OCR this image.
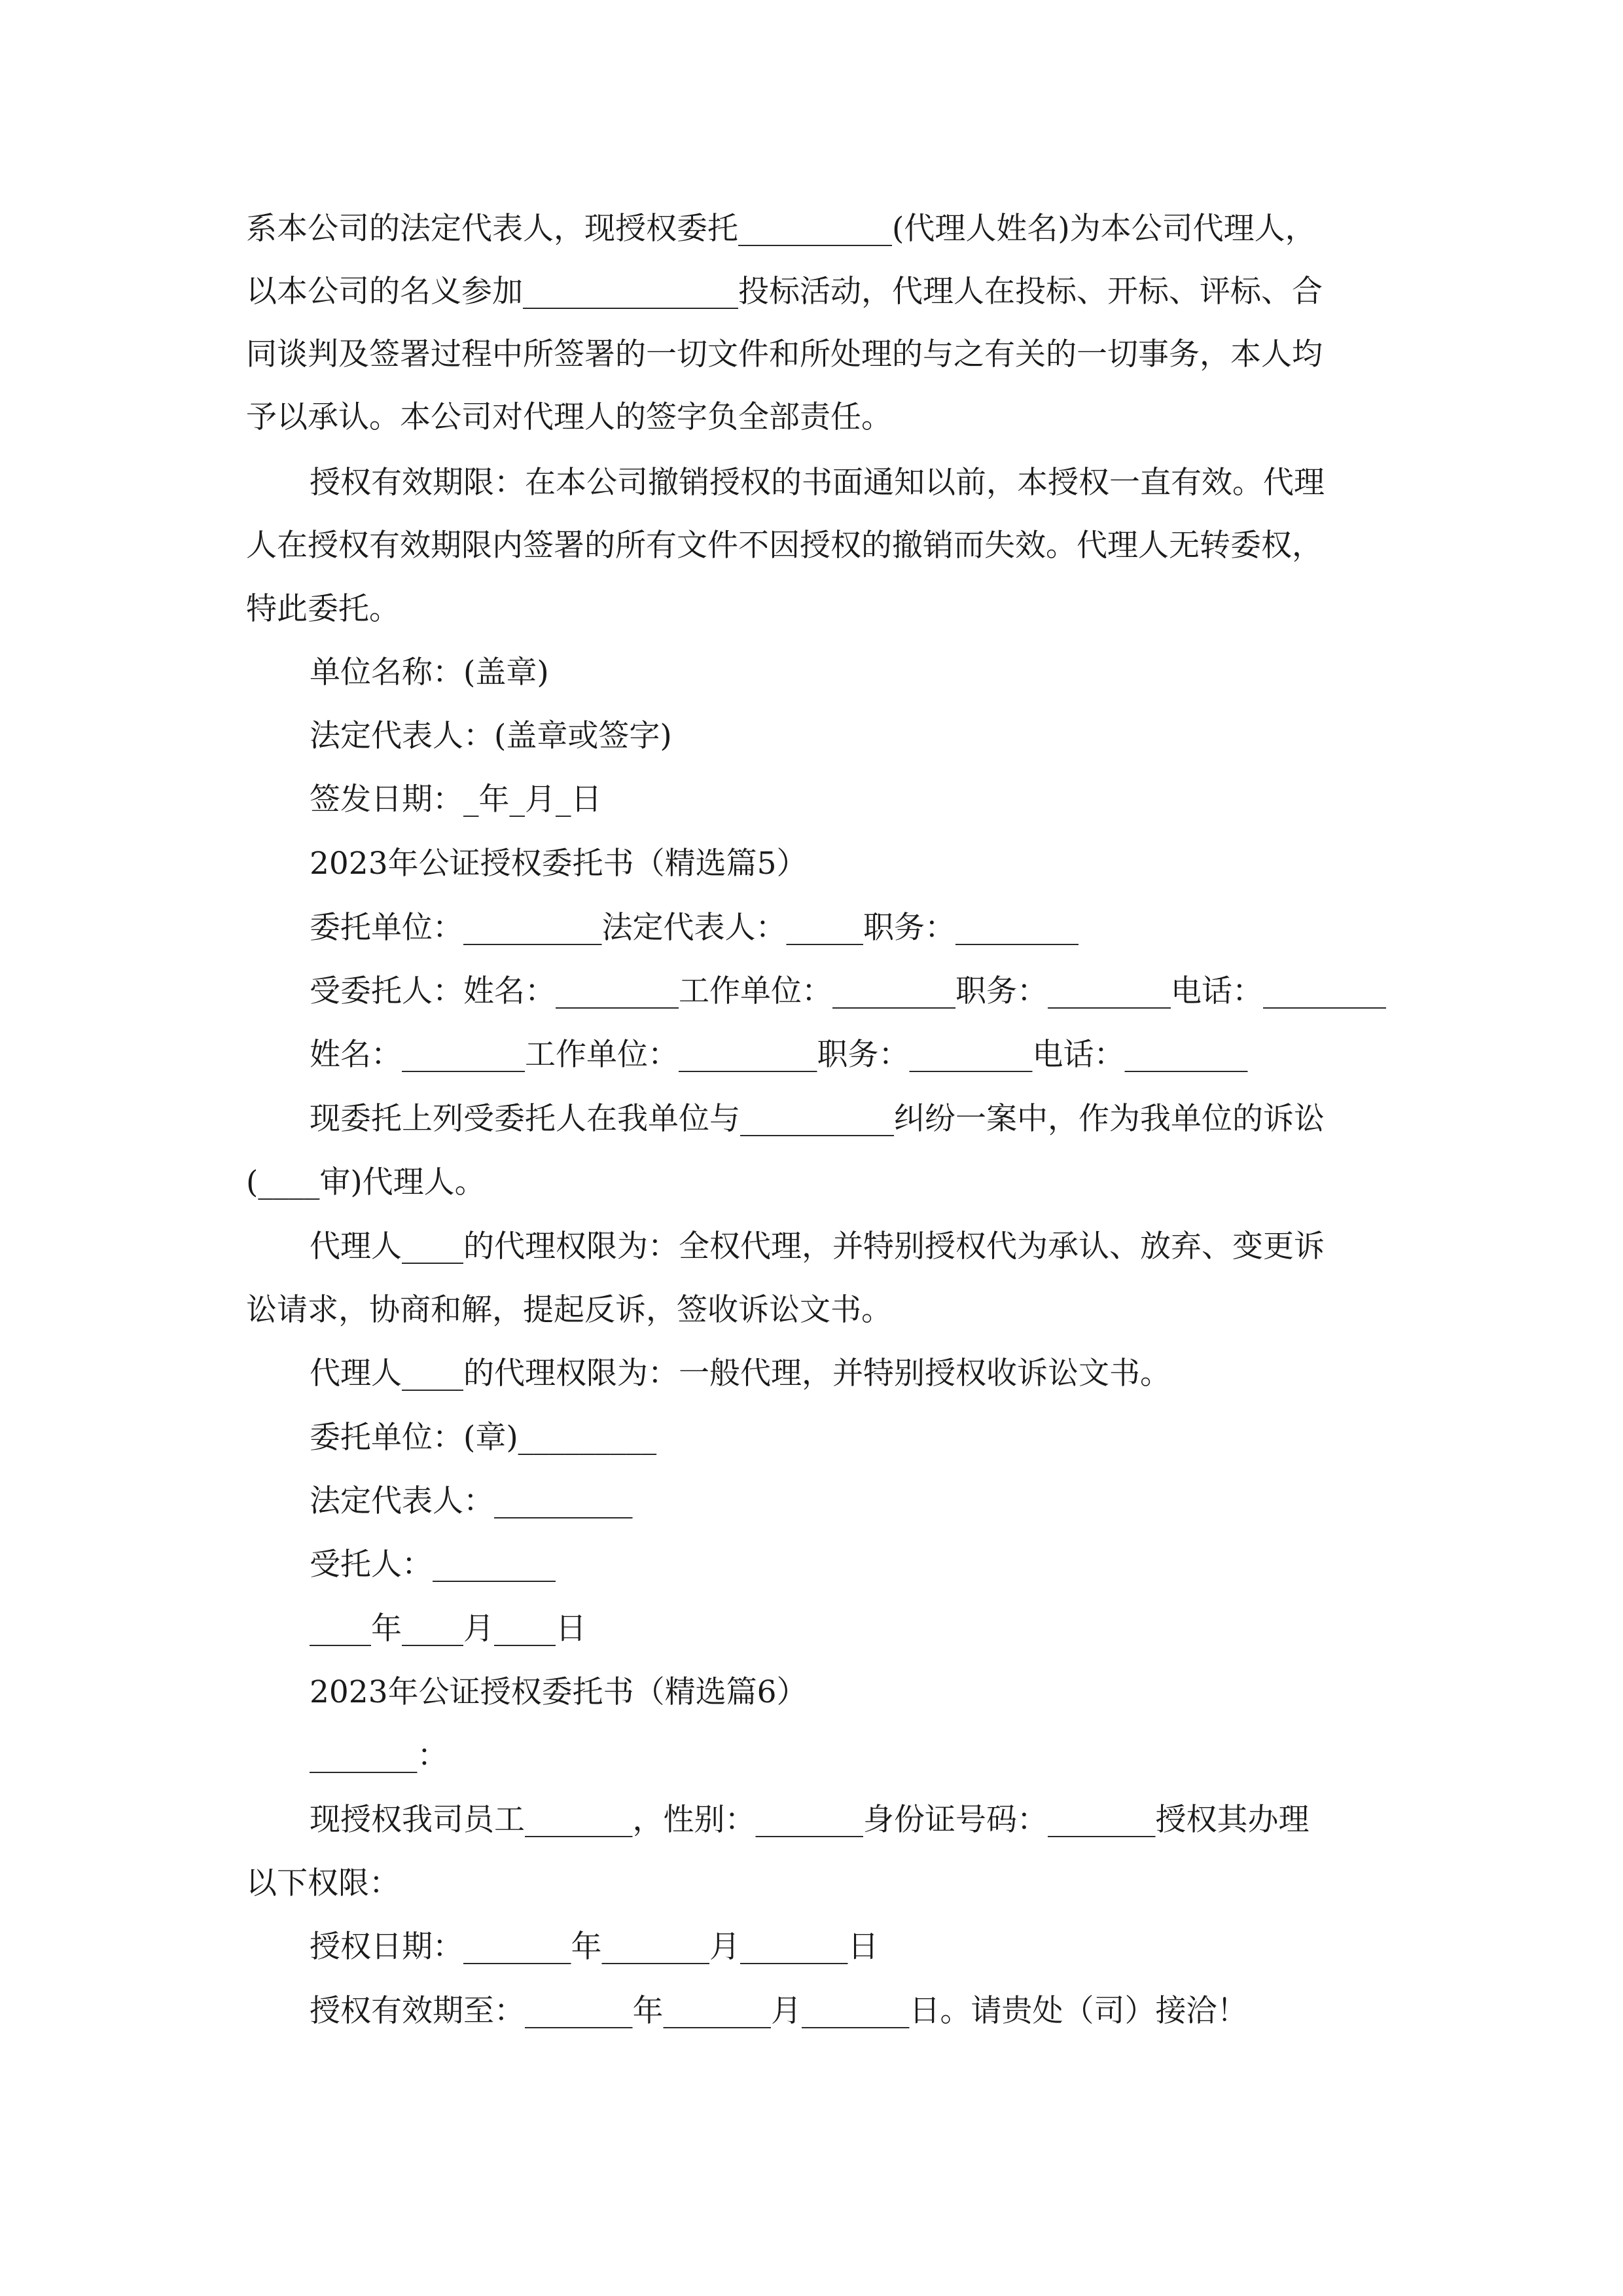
系本公司的法定代表人，现授权委托__________(代理人姓名)为本公司代理人，
以本公司的名义参加______________投标活动，代理人在投标、开标、评标、合
同谈判及签署过程中所签署的一切文件和所处理的与之有关的一切事务，本人均
予以承认。本公司对代理人的签字负全部责任。
授权有效期限：在本公司撤销授权的书面通知以前，本授权一直有效。代理
人在授权有效期限内签署的所有文件不因授权的撤销而失效。代理人无转委权，
特此委托。
单位名称：(盖章)
法定代表人：(盖章或签字)
签发日期：_年_月_日
2023年公证授权委托书（精选篇5）
委托单位：_________法定代表人：_____职务：________
受委托人：姓名：________工作单位：________职务：________电话：________
姓名：________工作单位：_________职务：________电话：________
现委托上列受委托人在我单位与__________纠纷一案中，作为我单位的诉讼
(____审)代理人。
代理人____的代理权限为：全权代理，并特别授权代为承认、放弃、变更诉
讼请求，协商和解，提起反诉，签收诉讼文书。
代理人____的代理权限为：一般代理，并特别授权收诉讼文书。
委托单位：(章)_________
法定代表人：_________
受托人：________
____年____月____日
2023年公证授权委托书（精选篇6）
_______：
现授权我司员工_______，性别：_______身份证号码：_______授权其办理
以下权限：
授权日期：_______年_______月_______日
授权有效期至：_______年_______月_______日。请贵处（司）接洽！
